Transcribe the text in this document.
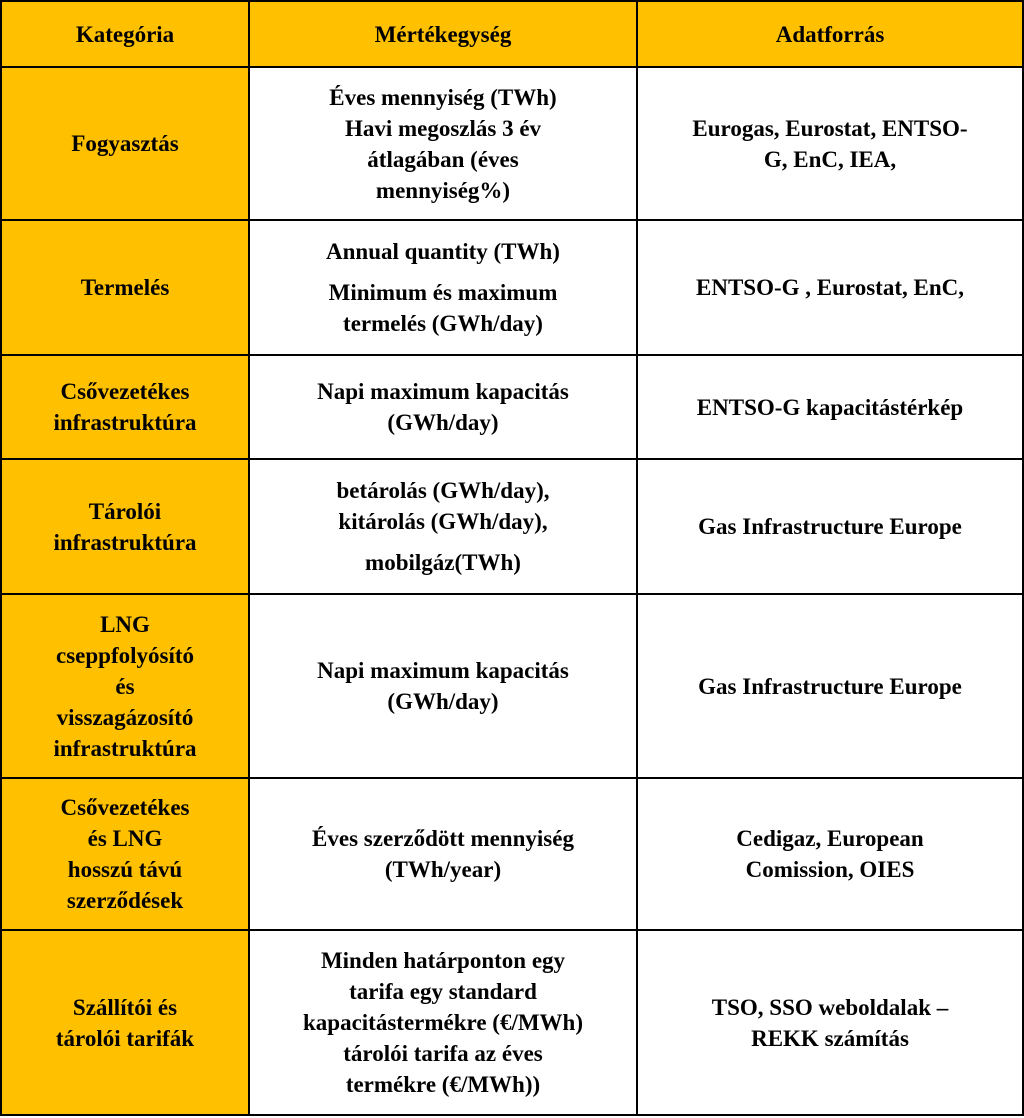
Kategória	Mértékegység	Adatforrás

Fogyasztás	Éves mennyiség (TWh)
Havi megoszlás 3 év
átlagában (éves
mennyiség%)	Eurogas, Eurostat, ENTSO-
G, EnC, IEA,

Termelés	Annual quantity (TWh)
Minimum és maximum
termelés (GWh/day)	ENTSO-G , Eurostat, EnC,

Csővezetékes
infrastruktúra	Napi maximum kapacitás
(GWh/day)	ENTSO-G kapacitástérkép

Tárolói
infrastruktúra	betárolás (GWh/day),
kitárolás (GWh/day),
mobilgáz(TWh)	Gas Infrastructure Europe

LNG
cseppfolyósító
és
visszagázosító
infrastruktúra	Napi maximum kapacitás
(GWh/day)	Gas Infrastructure Europe

Csővezetékes
és LNG
hosszú távú
szerződések	Éves szerződött mennyiség
(TWh/year)	Cedigaz, European
Comission, OIES

Szállítói és
tárolói tarifák	Minden határponton egy
tarifa egy standard
kapacitástermékre (€/MWh)
tárolói tarifa az éves
termékre (€/MWh))	TSO, SSO weboldalak –
REKK számítás
